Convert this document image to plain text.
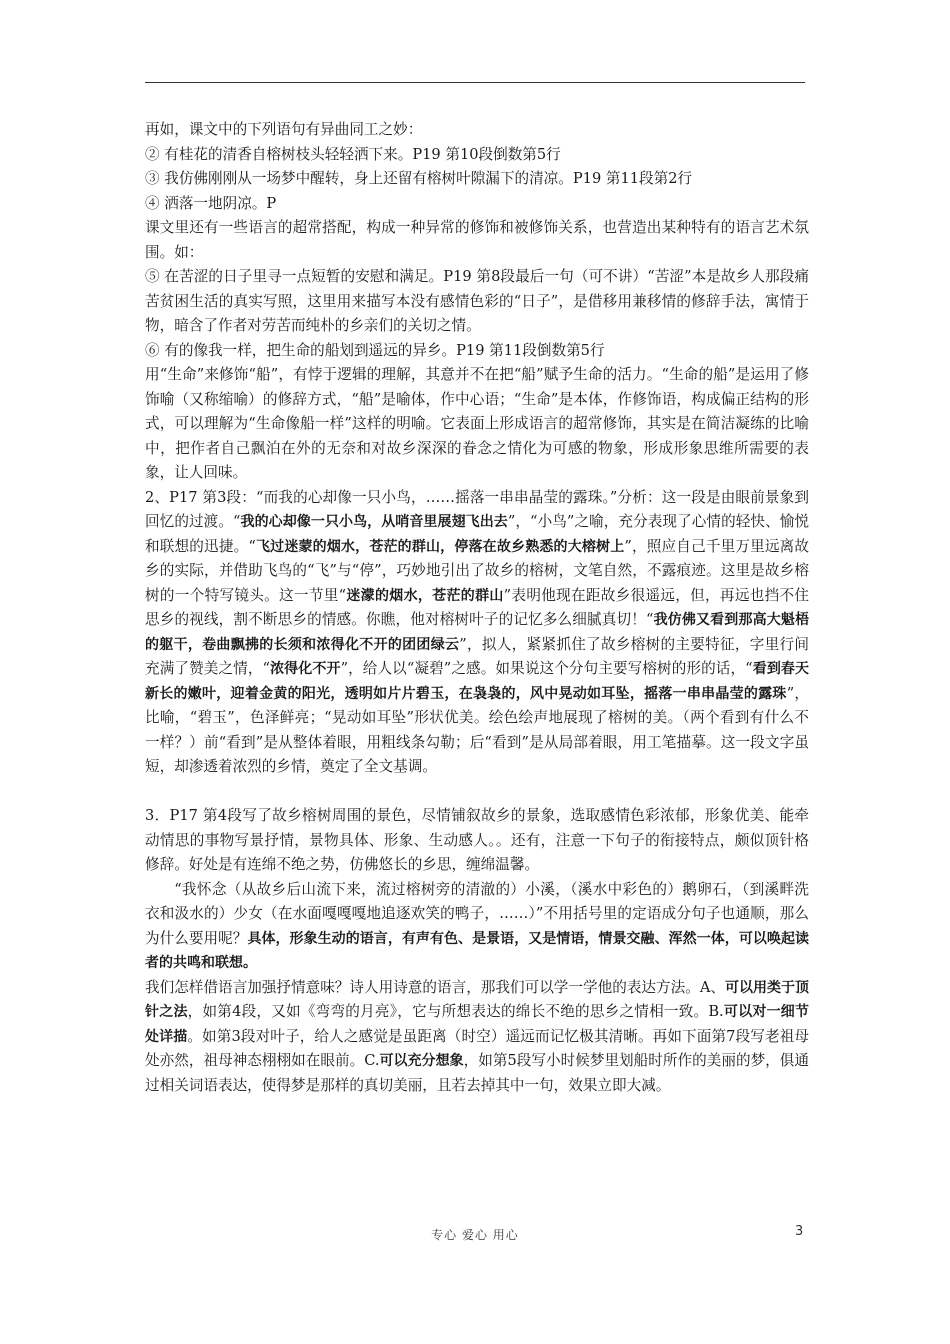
再如，课文中的下列语句有异曲同工之妙：

② 有桂花的清香自榕树枝头轻轻洒下来。P19 第10段倒数第5行

③ 我仿佛刚刚从一场梦中醒转，身上还留有榕树叶隙漏下的清凉。P19 第11段第2行

④ 洒落一地阴凉。P

课文里还有一些语言的超常搭配，构成一种异常的修饰和被修饰关系，也营造出某种特有的语言艺术氛围。如：

⑤ 在苦涩的日子里寻一点短暂的安慰和满足。P19 第8段最后一句（可不讲）“苦涩”本是故乡人那段痛苦贫困生活的真实写照，这里用来描写本没有感情色彩的“日子”，是借移用兼移情的修辞手法，寓情于物，暗含了作者对劳苦而纯朴的乡亲们的关切之情。

⑥ 有的像我一样，把生命的船划到遥远的异乡。P19 第11段倒数第5行

用“生命”来修饰“船”，有悖于逻辑的理解，其意并不在把“船”赋予生命的活力。“生命的船”是运用了修饰喻（又称缩喻）的修辞方式，“船”是喻体，作中心语；“生命”是本体，作修饰语，构成偏正结构的形式，可以理解为“生命像船一样”这样的明喻。它表面上形成语言的超常修饰，其实是在简洁凝练的比喻中，把作者自己飘泊在外的无奈和对故乡深深的眷念之情化为可感的物象，形成形象思维所需要的表象，让人回味。

2、P17 第3段：“而我的心却像一只小鸟，……摇落一串串晶莹的露珠。”分析：这一段是由眼前景象到回忆的过渡。“我的心却像一只小鸟，从哨音里展翅飞出去”，“小鸟”之喻，充分表现了心情的轻快、愉悦和联想的迅捷。“飞过迷蒙的烟水，苍茫的群山，停落在故乡熟悉的大榕树上”，照应自己千里万里远离故乡的实际，并借助飞鸟的“飞”与“停”，巧妙地引出了故乡的榕树，文笔自然，不露痕迹。这里是故乡榕树的一个特写镜头。这一节里“迷濛的烟水，苍茫的群山”表明他现在距故乡很遥远，但，再远也挡不住思乡的视线，割不断思乡的情感。你瞧，他对榕树叶子的记忆多么细腻真切！“我仿佛又看到那高大魁梧的躯干，卷曲飘拂的长须和浓得化不开的团团绿云”，拟人，紧紧抓住了故乡榕树的主要特征，字里行间充满了赞美之情，“浓得化不开”，给人以“凝碧”之感。如果说这个分句主要写榕树的形的话，“看到春天新长的嫩叶，迎着金黄的阳光，透明如片片碧玉，在袅袅的，风中晃动如耳坠，摇落一串串晶莹的露珠”，比喻，“碧玉”，色泽鲜亮；“晃动如耳坠”形状优美。绘色绘声地展现了榕树的美。（两个看到有什么不一样？）前“看到”是从整体着眼，用粗线条勾勒；后“看到”是从局部着眼，用工笔描摹。这一段文字虽短，却渗透着浓烈的乡情，奠定了全文基调。

3．P17 第4段写了故乡榕树周围的景色，尽情铺叙故乡的景象，选取感情色彩浓郁，形象优美、能牵动情思的事物写景抒情，景物具体、形象、生动感人。。还有，注意一下句子的衔接特点，颇似顶针格修辞。好处是有连绵不绝之势，仿佛悠长的乡思，缠绵温馨。

“我怀念（从故乡后山流下来，流过榕树旁的清澈的）小溪，（溪水中彩色的）鹅卵石，（到溪畔洗衣和汲水的）少女（在水面嘎嘎嘎地追逐欢笑的鸭子，……）”不用括号里的定语成分句子也通顺，那么为什么要用呢？具体，形象生动的语言，有声有色、是景语，又是情语，情景交融、浑然一体，可以唤起读者的共鸣和联想。

我们怎样借语言加强抒情意味？诗人用诗意的语言，那我们可以学一学他的表达方法。A、可以用类于顶针之法，如第4段，又如《弯弯的月亮》，它与所想表达的绵长不绝的思乡之情相一致。B.可以对一细节处详描。如第3段对叶子，给人之感觉是虽距离（时空）遥远而记忆极其清晰。再如下面第7段写老祖母处亦然，祖母神态栩栩如在眼前。C.可以充分想象，如第5段写小时候梦里划船时所作的美丽的梦，俱通过相关词语表达，使得梦是那样的真切美丽，且若去掉其中一句，效果立即大减。

专心 爱心 用心	3
